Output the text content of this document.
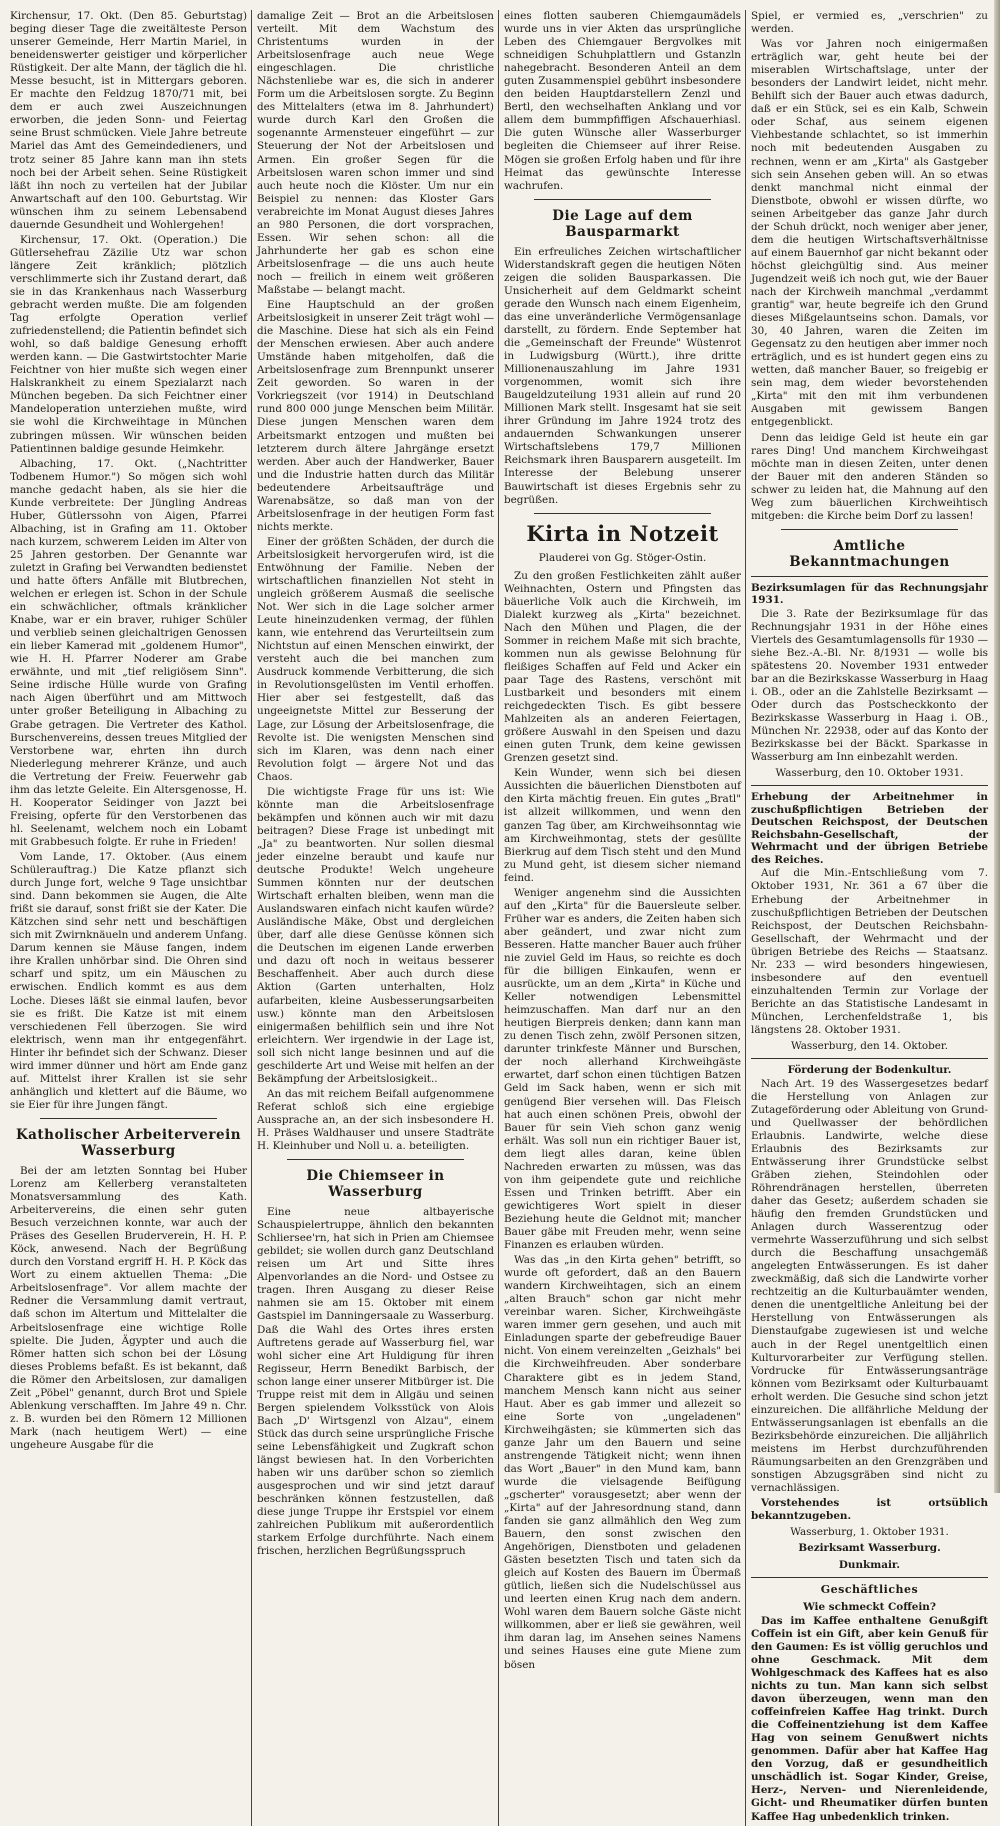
Kirchensur, 17. Okt. (Den 85. Geburtstag) beging dieser Tage die zweitälteste Person unserer Gemeinde, Herr Martin Mariel, in beneidenswerter geistiger und körperlicher Rüstigkeit. Der alte Mann, der täglich die hl. Messe besucht, ist in Mittergars geboren. Er machte den Feldzug 1870/71 mit, bei dem er auch zwei Auszeichnungen erworben, die jeden Sonn- und Feiertag seine Brust schmücken. Viele Jahre betreute Mariel das Amt des Gemeindedieners, und trotz seiner 85 Jahre kann man ihn stets noch bei der Arbeit sehen. Seine Rüstigkeit läßt ihn noch zu verteilen hat der Jubilar Anwartschaft auf den 100. Geburtstag. Wir wünschen ihm zu seinem Lebensabend dauernde Gesundheit und Wohlergehen!

Kirchensur, 17. Okt. (Operation.) Die Gütlersehefrau Zäzilie Utz war schon längere Zeit kränklich; plötzlich verschlimmerte sich ihr Zustand derart, daß sie in das Krankenhaus nach Wasserburg gebracht werden mußte. Die am folgenden Tag erfolgte Operation verlief zufriedenstellend; die Patientin befindet sich wohl, so daß baldige Genesung erhofft werden kann. — Die Gastwirtstochter Marie Feichtner von hier mußte sich wegen einer Halskrankheit zu einem Spezialarzt nach München begeben. Da sich Feichtner einer Mandeloperation unterziehen mußte, wird sie wohl die Kirchweihtage in München zubringen müssen. Wir wünschen beiden Patientinnen baldige gesunde Heimkehr.

Albaching, 17. Okt. („Nachtritter Todbenem Humor.") So mögen sich wohl manche gedacht haben, als sie hier die Kunde verbreitete: Der Jüngling Andreas Huber, Gütlerssohn von Aigen, Pfarrei Albaching, ist in Grafing am 11. Oktober nach kurzem, schwerem Leiden im Alter von 25 Jahren gestorben. Der Genannte war zuletzt in Grafing bei Verwandten bedienstet und hatte öfters Anfälle mit Blutbrechen, welchen er erlegen ist. Schon in der Schule ein schwächlicher, oftmals kränklicher Knabe, war er ein braver, ruhiger Schüler und verblieb seinen gleichaltrigen Genossen ein lieber Kamerad mit „goldenem Humor", wie H. H. Pfarrer Noderer am Grabe erwähnte, und mit „tief religiösem Sinn". Seine irdische Hülle wurde von Grafing nach Aigen überführt und am Mittwoch unter großer Beteiligung in Albaching zu Grabe getragen. Die Vertreter des Kathol. Burschenvereins, dessen treues Mitglied der Verstorbene war, ehrten ihn durch Niederlegung mehrerer Kränze, und auch die Vertretung der Freiw. Feuerwehr gab ihm das letzte Geleite. Ein Altersgenosse, H. H. Kooperator Seidinger von Jazzt bei Freising, opferte für den Verstorbenen das hl. Seelenamt, welchem noch ein Lobamt mit Grabbesuch folgte. Er ruhe in Frieden!

Vom Lande, 17. Oktober. (Aus einem Schülerauftrag.) Die Katze pflanzt sich durch Junge fort, welche 9 Tage unsichtbar sind. Dann bekommen sie Augen, die Alte frißt sie darauf, sonst frißt sie der Kater. Die Kätzchen sind sehr nett und beschäftigen sich mit Zwirnknäueln und anderem Unfang. Darum kennen sie Mäuse fangen, indem ihre Krallen unhörbar sind. Die Ohren sind scharf und spitz, um ein Mäuschen zu erwischen. Endlich kommt es aus dem Loche. Dieses läßt sie einmal laufen, bevor sie es frißt. Die Katze ist mit einem verschiedenen Fell überzogen. Sie wird elektrisch, wenn man ihr entgegenfährt. Hinter ihr befindet sich der Schwanz. Dieser wird immer dünner und hört am Ende ganz auf. Mittelst ihrer Krallen ist sie sehr anhänglich und klettert auf die Bäume, wo sie Eier für ihre Jungen fängt.

Katholischer Arbeiterverein Wasserburg

Bei der am letzten Sonntag bei Huber Lorenz am Kellerberg veranstalteten Monatsversammlung des Kath. Arbeitervereins, die einen sehr guten Besuch verzeichnen konnte, war auch der Präses des Gesellen Bruderverein, H. H. P. Köck, anwesend. Nach der Begrüßung durch den Vorstand ergriff H. H. P. Köck das Wort zu einem aktuellen Thema: „Die Arbeitslosenfrage". Vor allem machte der Redner die Versammlung damit vertraut, daß schon im Altertum und Mittelalter die Arbeitslosenfrage eine wichtige Rolle spielte. Die Juden, Ägypter und auch die Römer hatten sich schon bei der Lösung dieses Problems befaßt. Es ist bekannt, daß die Römer den Arbeitslosen, zur damaligen Zeit „Pöbel" genannt, durch Brot und Spiele Ablenkung verschafften. Im Jahre 49 n. Chr. z. B. wurden bei den Römern 12 Millionen Mark (nach heutigem Wert) — eine ungeheure Ausgabe für die

damalige Zeit — Brot an die Arbeitslosen verteilt. Mit dem Wachstum des Christentums wurden in der Arbeitslosenfrage auch neue Wege eingeschlagen. Die christliche Nächstenliebe war es, die sich in anderer Form um die Arbeitslosen sorgte. Zu Beginn des Mittelalters (etwa im 8. Jahrhundert) wurde durch Karl den Großen die sogenannte Armensteuer eingeführt — zur Steuerung der Not der Arbeitslosen und Armen. Ein großer Segen für die Arbeitslosen waren schon immer und sind auch heute noch die Klöster. Um nur ein Beispiel zu nennen: das Kloster Gars verabreichte im Monat August dieses Jahres an 980 Personen, die dort vorsprachen, Essen. Wir sehen schon: all die Jahrhunderte her gab es schon eine Arbeitslosenfrage — die uns auch heute noch — freilich in einem weit größeren Maßstabe — belangt macht.

Eine Hauptschuld an der großen Arbeitslosigkeit in unserer Zeit trägt wohl — die Maschine. Diese hat sich als ein Feind der Menschen erwiesen. Aber auch andere Umstände haben mitgeholfen, daß die Arbeitslosenfrage zum Brennpunkt unserer Zeit geworden. So waren in der Vorkriegszeit (vor 1914) in Deutschland rund 800 000 junge Menschen beim Militär. Diese jungen Menschen waren dem Arbeitsmarkt entzogen und mußten bei letzterem durch ältere Jahrgänge ersetzt werden. Aber auch der Handwerker, Bauer und die Industrie hatten durch das Militär bedeutendere Arbeitsaufträge und Warenabsätze, so daß man von der Arbeitslosenfrage in der heutigen Form fast nichts merkte.

Einer der größten Schäden, der durch die Arbeitslosigkeit hervorgerufen wird, ist die Entwöhnung der Familie. Neben der wirtschaftlichen finanziellen Not steht in ungleich größerem Ausmaß die seelische Not. Wer sich in die Lage solcher armer Leute hineinzudenken vermag, der fühlen kann, wie entehrend das Verurteiltsein zum Nichtstun auf einen Menschen einwirkt, der versteht auch die bei manchen zum Ausdruck kommende Verbitterung, die sich in Revolutionsgelüsten im Ventil erhoffen. Hier aber sei festgestellt, daß das ungeeignetste Mittel zur Besserung der Lage, zur Lösung der Arbeitslosenfrage, die Revolte ist. Die wenigsten Menschen sind sich im Klaren, was denn nach einer Revolution folgt — ärgere Not und das Chaos.

Die wichtigste Frage für uns ist: Wie könnte man die Arbeitslosenfrage bekämpfen und können auch wir mit dazu beitragen? Diese Frage ist unbedingt mit „Ja" zu beantworten. Nur sollen diesmal jeder einzelne beraubt und kaufe nur deutsche Produkte! Welch ungeheure Summen könnten nur der deutschen Wirtschaft erhalten bleiben, wenn man die Auslandswaren einfach nicht kaufen würde? Ausländische Mäke, Obst und dergleichen über, darf alle diese Genüsse können sich die Deutschen im eigenen Lande erwerben und dazu oft noch in weitaus besserer Beschaffenheit. Aber auch durch diese Aktion (Garten unterhalten, Holz aufarbeiten, kleine Ausbesserungsarbeiten usw.) könnte man den Arbeitslosen einigermaßen behilflich sein und ihre Not erleichtern. Wer irgendwie in der Lage ist, soll sich nicht lange besinnen und auf die geschilderte Art und Weise mit helfen an der Bekämpfung der Arbeitslosigkeit..

An das mit reichem Beifall aufgenommene Referat schloß sich eine ergiebige Aussprache an, an der sich insbesondere H. H. Präses Waldhauser und unsere Stadträte H. Kleinhuber und Noll u. a. beteiligten.

Die Chiemseer in Wasserburg

Eine neue altbayerische Schauspielertruppe, ähnlich den bekannten Schliersee'rn, hat sich in Prien am Chiemsee gebildet; sie wollen durch ganz Deutschland reisen um Art und Sitte ihres Alpenvorlandes an die Nord- und Ostsee zu tragen. Ihren Ausgang zu dieser Reise nahmen sie am 15. Oktober mit einem Gastspiel im Danningersaale zu Wasserburg. Daß die Wahl des Ortes ihres ersten Auftretens gerade auf Wasserburg fiel, war wohl sicher eine Art Huldigung für ihren Regisseur, Herrn Benedikt Barbisch, der schon lange einer unserer Mitbürger ist. Die Truppe reist mit dem in Allgäu und seinen Bergen spielendem Volksstück von Alois Bach „D' Wirtsgenzl von Alzau", einem Stück das durch seine ursprüngliche Frische seine Lebensfähigkeit und Zugkraft schon längst bewiesen hat. In den Vorberichten haben wir uns darüber schon so ziemlich ausgesprochen und wir sind jetzt darauf beschränken können festzustellen, daß diese junge Truppe ihr Erstspiel vor einem zahlreichen Publikum mit außerordentlich starkem Erfolge durchführte. Nach einem frischen, herzlichen Begrüßungsspruch

eines flotten sauberen Chiemgaumädels wurde uns in vier Akten das ursprüngliche Leben des Chiemgauer Bergvolkes mit schneidigen Schuhplattlern und Gstanzln nahegebracht. Besonderen Anteil an dem guten Zusammenspiel gebührt insbesondere den beiden Hauptdarstellern Zenzl und Bertl, den wechselhaften Anklang und vor allem dem bummpfiffigen Afschauerhiasl. Die guten Wünsche aller Wasserburger begleiten die Chiemseer auf ihrer Reise. Mögen sie großen Erfolg haben und für ihre Heimat das gewünschte Interesse wachrufen.

Die Lage auf dem Bausparmarkt

Ein erfreuliches Zeichen wirtschaftlicher Widerstandskraft gegen die heutigen Nöten zeigen die soliden Bausparkassen. Die Unsicherheit auf dem Geldmarkt scheint gerade den Wunsch nach einem Eigenheim, das eine unveränderliche Vermögensanlage darstellt, zu fördern. Ende September hat die „Gemeinschaft der Freunde" Wüstenrot in Ludwigsburg (Württ.), ihre dritte Millionenauszahlung im Jahre 1931 vorgenommen, womit sich ihre Baugeldzuteilung 1931 allein auf rund 20 Millionen Mark stellt. Insgesamt hat sie seit ihrer Gründung im Jahre 1924 trotz des andauernden Schwankungen unserer Wirtschaftslebens 179,7 Millionen Reichsmark ihren Bausparern ausgeteilt. Im Interesse der Belebung unserer Bauwirtschaft ist dieses Ergebnis sehr zu begrüßen.

Kirta in Notzeit
Plauderei von Gg. Stöger-Ostin.

Zu den großen Festlichkeiten zählt außer Weihnachten, Ostern und Pfingsten das bäuerliche Volk auch die Kirchweih, im Dialekt kurzweg als „Kirta" bezeichnet. Nach den Mühen und Plagen, die der Sommer in reichem Maße mit sich brachte, kommen nun als gewisse Belohnung für fleißiges Schaffen auf Feld und Acker ein paar Tage des Rastens, verschönt mit Lustbarkeit und besonders mit einem reichgedeckten Tisch. Es gibt bessere Mahlzeiten als an anderen Feiertagen, größere Auswahl in den Speisen und dazu einen guten Trunk, dem keine gewissen Grenzen gesetzt sind.

Kein Wunder, wenn sich bei diesen Aussichten die bäuerlichen Dienstboten auf den Kirta mächtig freuen. Ein gutes „Bratl" ist allzeit willkommen, und wenn den ganzen Tag über, am Kirchweihsonntag wie am Kirchweihmontag, stets der gesüllte Bierkrug auf dem Tisch steht und den Mund zu Mund geht, ist diesem sicher niemand feind.

Weniger angenehm sind die Aussichten auf den „Kirta" für die Bauersleute selber. Früher war es anders, die Zeiten haben sich aber geändert, und zwar nicht zum Besseren. Hatte mancher Bauer auch früher nie zuviel Geld im Haus, so reichte es doch für die billigen Einkaufen, wenn er ausrückte, um an dem „Kirta" in Küche und Keller notwendigen Lebensmittel heimzuschaffen. Man darf nur an den heutigen Bierpreis denken; dann kann man zu denen Tisch zehn, zwölf Personen sitzen, darunter trinkfeste Männer und Burschen, der noch allerhand Kirchweihgäste erwartet, darf schon einen tüchtigen Batzen Geld im Sack haben, wenn er sich mit genügend Bier versehen will. Das Fleisch hat auch einen schönen Preis, obwohl der Bauer für sein Vieh schon ganz wenig erhält. Was soll nun ein richtiger Bauer ist, dem liegt alles daran, keine üblen Nachreden erwarten zu müssen, was das von ihm geipendete gute und reichliche Essen und Trinken betrifft. Aber ein gewichtigeres Wort spielt in dieser Beziehung heute die Geldnot mit; mancher Bauer gäbe mit Freuden mehr, wenn seine Finanzen es erlauben würden.

Was das „in den Kirta gehen" betrifft, so wurde oft gefordert, daß an den Bauern wandern Kirchweihtagen, sich an einem „alten Brauch" schon gar nicht mehr vereinbar waren. Sicher, Kirchweihgäste waren immer gern gesehen, und auch mit Einladungen sparte der gebefreudige Bauer nicht. Von einem vereinzelten „Geizhals" bei die Kirchweihfreuden. Aber sonderbare Charaktere gibt es in jedem Stand, manchem Mensch kann nicht aus seiner Haut. Aber es gab immer und allezeit so eine Sorte von „ungeladenen" Kirchweihgästen; sie kümmerten sich das ganze Jahr um den Bauern und seine anstrengende Tätigkeit nicht; wenn ihnen das Wort „Bauer" in den Mund kam, bann wurde die vielsagende Beifügung „gscherter" vorausgesetzt; aber wenn der „Kirta" auf der Jahresordnung stand, dann fanden sie ganz allmählich den Weg zum Bauern, den sonst zwischen den Angehörigen, Dienstboten und geladenen Gästen besetzten Tisch und taten sich da gleich auf Kosten des Bauern im Übermaß gütlich, ließen sich die Nudelschüssel aus und leerten einen Krug nach dem andern. Wohl waren dem Bauern solche Gäste nicht willkommen, aber er ließ sie gewähren, weil ihm daran lag, im Ansehen seines Namens und seines Hauses eine gute Miene zum bösen

Spiel, er vermied es, „verschrien" zu werden.

Was vor Jahren noch einigermaßen erträglich war, geht heute bei der miserablen Wirtschaftslage, unter der besonders der Landwirt leidet, nicht mehr. Behilft sich der Bauer auch etwas dadurch, daß er ein Stück, sei es ein Kalb, Schwein oder Schaf, aus seinem eigenen Viehbestande schlachtet, so ist immerhin noch mit bedeutenden Ausgaben zu rechnen, wenn er am „Kirta" als Gastgeber sich sein Ansehen geben will. An so etwas denkt manchmal nicht einmal der Dienstbote, obwohl er wissen dürfte, wo seinen Arbeitgeber das ganze Jahr durch der Schuh drückt, noch weniger aber jener, dem die heutigen Wirtschaftsverhältnisse auf einem Bauernhof gar nicht bekannt oder höchst gleichgültig sind. Aus meiner Jugendzeit weiß ich noch gut, wie der Bauer nach der Kirchweih manchmal „verdammt grantig" war, heute begreife ich den Grund dieses Mißgelauntseins schon. Damals, vor 30, 40 Jahren, waren die Zeiten im Gegensatz zu den heutigen aber immer noch erträglich, und es ist hundert gegen eins zu wetten, daß mancher Bauer, so freigebig er sein mag, dem wieder bevorstehenden „Kirta" mit den mit ihm verbundenen Ausgaben mit gewissem Bangen entgegenblickt.

Denn das leidige Geld ist heute ein gar rares Ding! Und manchem Kirchweihgast möchte man in diesen Zeiten, unter denen der Bauer mit den anderen Ständen so schwer zu leiden hat, die Mahnung auf den Weg zum bäuerlichen Kirchweihtisch mitgeben: die Kirche beim Dorf zu lassen!

Amtliche Bekanntmachungen
Bezirksumlagen für das Rechnungsjahr 1931.

Die 3. Rate der Bezirksumlage für das Rechnungsjahr 1931 in der Höhe eines Viertels des Gesamtumlagensolls für 1930 — siehe Bez.-A.-Bl. Nr. 8/1931 — wolle bis spätestens 20. November 1931 entweder bar an die Bezirkskasse Wasserburg in Haag i. OB., oder an die Zahlstelle Bezirksamt — Oder durch das Postscheckkonto der Bezirkskasse Wasserburg in Haag i. OB., München Nr. 22938, oder auf das Konto der Bezirkskasse bei der Bäckt. Sparkasse in Wasserburg am Inn einbezahlt werden.

Wasserburg, den 10. Oktober 1931.
Erhebung der Arbeitnehmer in zuschußpflichtigen Betrieben der Deutschen Reichspost, der Deutschen Reichsbahn-Gesellschaft, der Wehrmacht und der übrigen Betriebe des Reiches.

Auf die Min.-Entschließung vom 7. Oktober 1931, Nr. 361 a 67 über die Erhebung der Arbeitnehmer in zuschußpflichtigen Betrieben der Deutschen Reichspost, der Deutschen Reichsbahn-Gesellschaft, der Wehrmacht und der übrigen Betriebe des Reichs — Staatsanz. Nr. 233 — wird besonders hingewiesen, insbesondere auf den eventuell einzuhaltenden Termin zur Vorlage der Berichte an das Statistische Landesamt in München, Lerchenfeldstraße 1, bis längstens 28. Oktober 1931.

Wasserburg, den 14. Oktober.
Förderung der Bodenkultur.

Nach Art. 19 des Wassergesetzes bedarf die Herstellung von Anlagen zur Zutageförderung oder Ableitung von Grund- und Quellwasser der behördlichen Erlaubnis. Landwirte, welche diese Erlaubnis des Bezirksamts zur Entwässerung ihrer Grundstücke selbst Gräben ziehen, Steindohlen oder Röhrendränagen herstellen, überreten daher das Gesetz; außerdem schaden sie häufig den fremden Grundstücken und Anlagen durch Wasserentzug oder vermehrte Wasserzuführung und sich selbst durch die Beschaffung unsachgemäß angelegten Entwässerungen. Es ist daher zweckmäßig, daß sich die Landwirte vorher rechtzeitig an die Kulturbauämter wenden, denen die unentgeltliche Anleitung bei der Herstellung von Entwässerungen als Dienstaufgabe zugewiesen ist und welche auch in der Regel unentgeltlich einen Kulturvorarbeiter zur Verfügung stellen. Vordrucke für Entwässerungsanträge können vom Bezirksamt oder Kulturbauamt erholt werden. Die Gesuche sind schon jetzt einzureichen. Die allfährliche Meldung der Entwässerungsanlagen ist ebenfalls an die Bezirksbehörde einzureichen. Die alljährlich meistens im Herbst durchzuführenden Räumungsarbeiten an den Grenzgräben und sonstigen Abzugsgräben sind nicht zu vernachlässigen.

Vorstehendes ist ortsüblich bekanntzugeben.

Wasserburg, 1. Oktober 1931.
Bezirksamt Wasserburg.
Dunkmair.
Geschäftliches
Wie schmeckt Coffein?

Das im Kaffee enthaltene Genußgift Coffein ist ein Gift, aber kein Genuß für den Gaumen: Es ist völlig geruchlos und ohne Geschmack. Mit dem Wohlgeschmack des Kaffees hat es also nichts zu tun. Man kann sich selbst davon überzeugen, wenn man den coffeinfreien Kaffee Hag trinkt. Durch die Coffeinentziehung ist dem Kaffee Hag von seinem Genußwert nichts genommen. Dafür aber hat Kaffee Hag den Vorzug, daß er gesundheitlich unschädlich ist. Sogar Kinder, Greise, Herz-, Nerven- und Nierenleidende, Gicht- und Rheumatiker dürfen bunten Kaffee Hag unbedenklich trinken.
